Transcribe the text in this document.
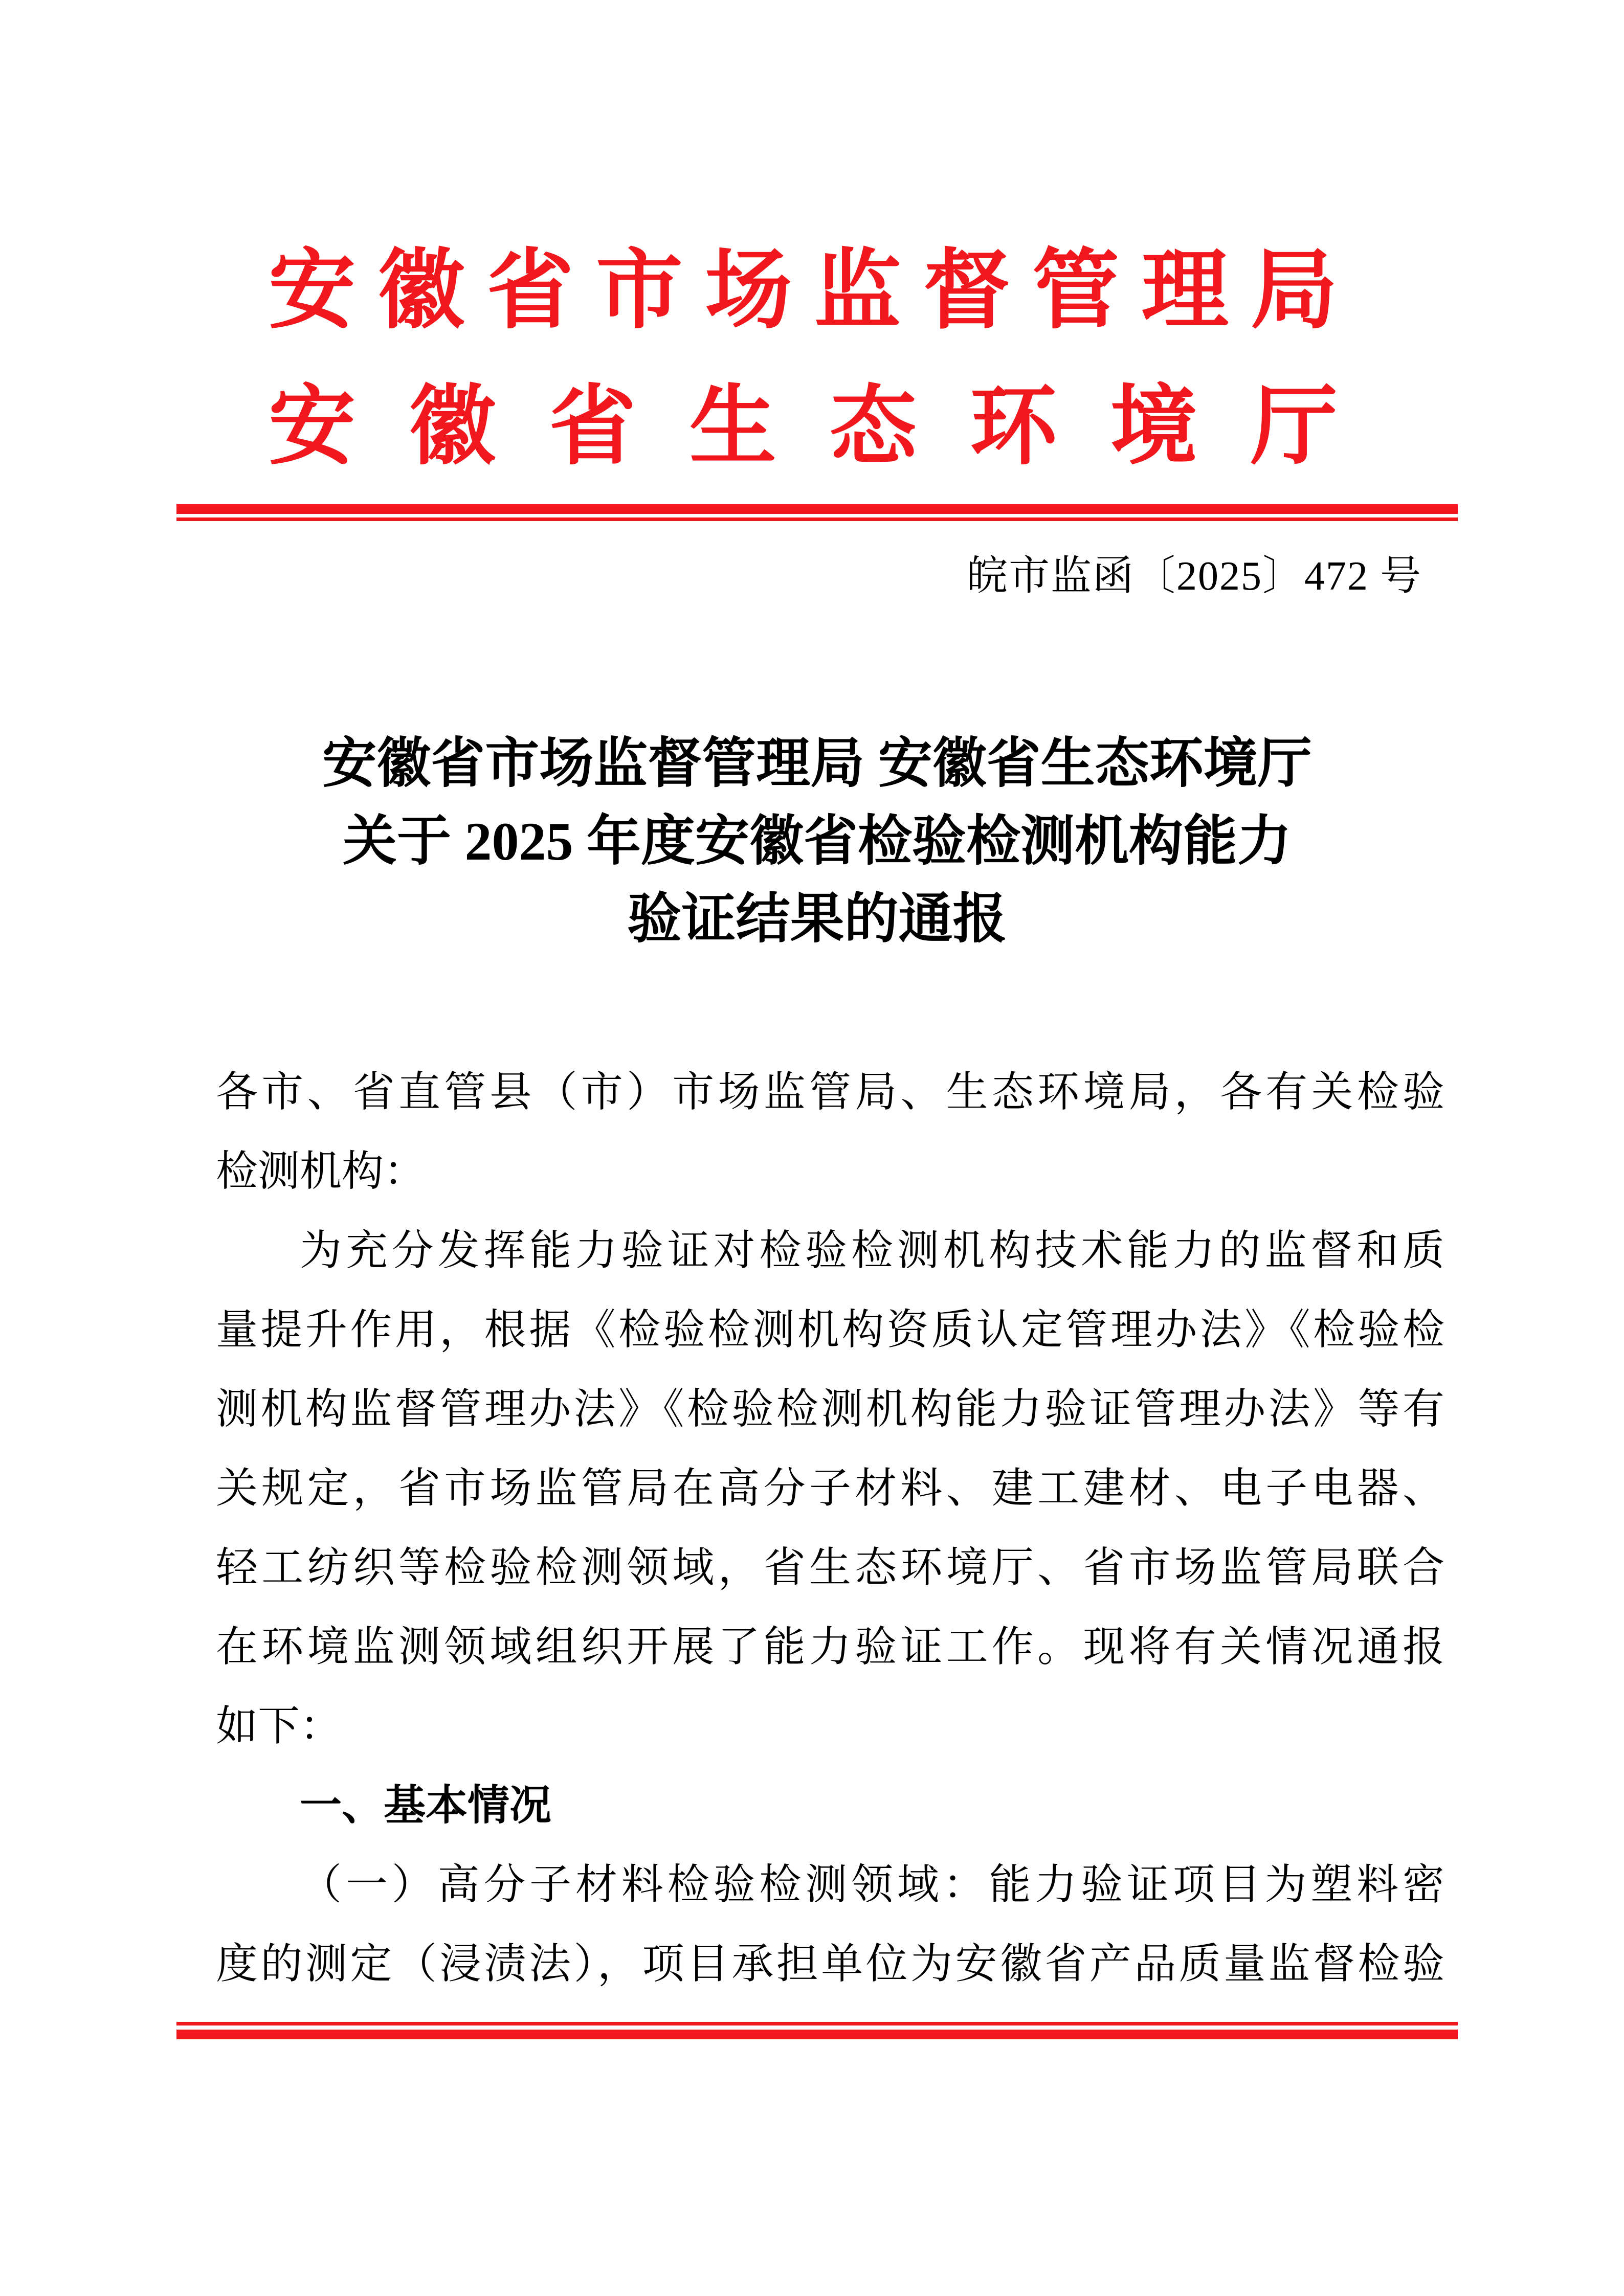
安 徽 省 市 场 监 督 管 理 局
安 徽 省 生 态 环 境 厅
皖市监函〔2025〕472 号
安徽省市场监督管理局 安徽省生态环境厅
关于 2025 年度安徽省检验检测机构能力
验证结果的通报
各市、省直管县（市）市场监管局、生态环境局，各有关检验
检测机构：
为充分发挥能力验证对检验检测机构技术能力的监督和质
量提升作用，根据《检验检测机构资质认定管理办法》《检验检
测机构监督管理办法》《检验检测机构能力验证管理办法》等有
关规定，省市场监管局在高分子材料、建工建材、电子电器、
轻工纺织等检验检测领域，省生态环境厅、省市场监管局联合
在环境监测领域组织开展了能力验证工作。现将有关情况通报
如下：
一、基本情况
（一）高分子材料检验检测领域：能力验证项目为塑料密
度的测定（浸渍法），项目承担单位为安徽省产品质量监督检验
